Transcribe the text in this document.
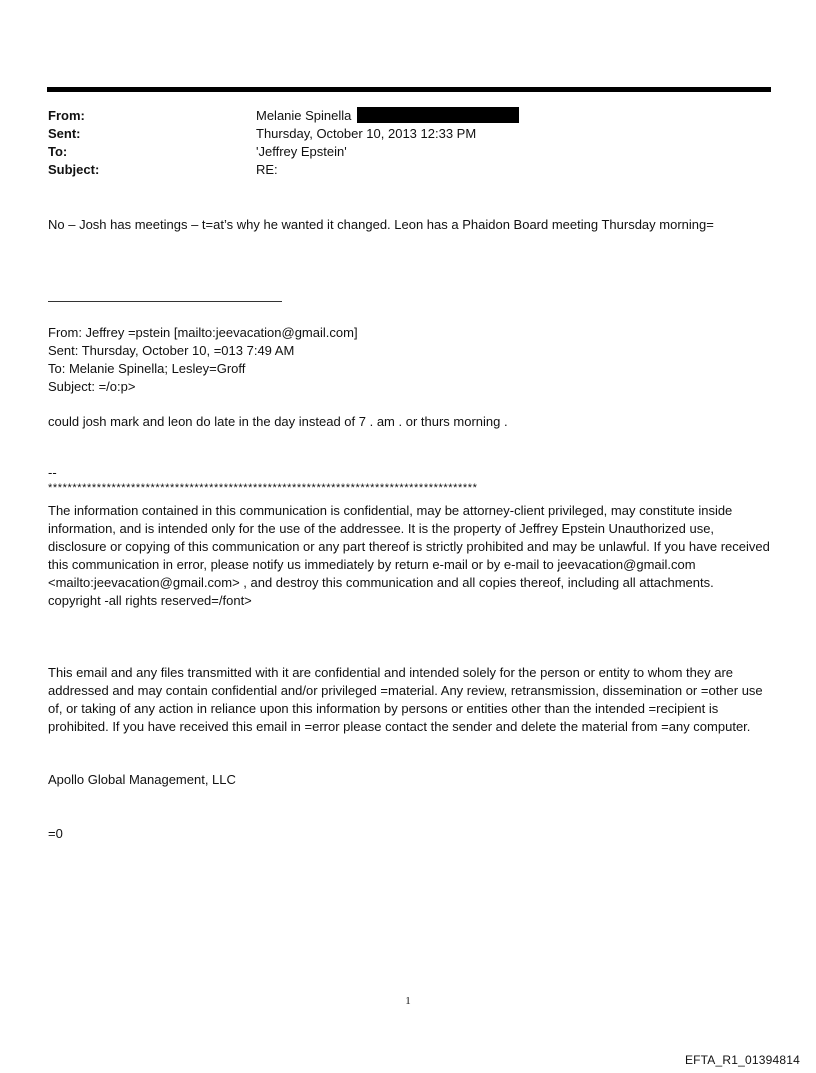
From:	Melanie Spinella
Sent:	Thursday, October 10, 2013 12:33 PM
To:	'Jeffrey Epstein'
Subject:	RE:
No – Josh has meetings – t=at’s why he wanted it changed. Leon has a Phaidon Board meeting Thursday morning=
From: Jeffrey =pstein [mailto:jeevacation@gmail.com]
Sent: Thursday, October 10, =013 7:49 AM
To: Melanie Spinella; Lesley=Groff
Subject: =/o:p>
could josh mark and leon do late in the day instead of 7 . am . or thurs morning .
--
****************************************************************************************
The information contained in this communication is confidential, may be attorney-client privileged, may constitute inside information, and is intended only for the use of the addressee. It is the property of Jeffrey Epstein Unauthorized use, disclosure or copying of this communication or any part thereof is strictly prohibited and may be unlawful. If you have received this communication in error, please notify us immediately by return e-mail or by e-mail to jeevacation@gmail.com <mailto:jeevacation@gmail.com> , and destroy this communication and all copies thereof, including all attachments. copyright -all rights reserved=/font>
This email and any files transmitted with it are confidential and intended solely for the person or entity to whom they are addressed and may contain confidential and/or privileged =material. Any review, retransmission, dissemination or =other use of, or taking of any action in reliance upon this information by persons or entities other than the intended =recipient is prohibited. If you have received this email in =error please contact the sender and delete the material from =any computer.
Apollo Global Management, LLC
=0
1
EFTA_R1_01394814
